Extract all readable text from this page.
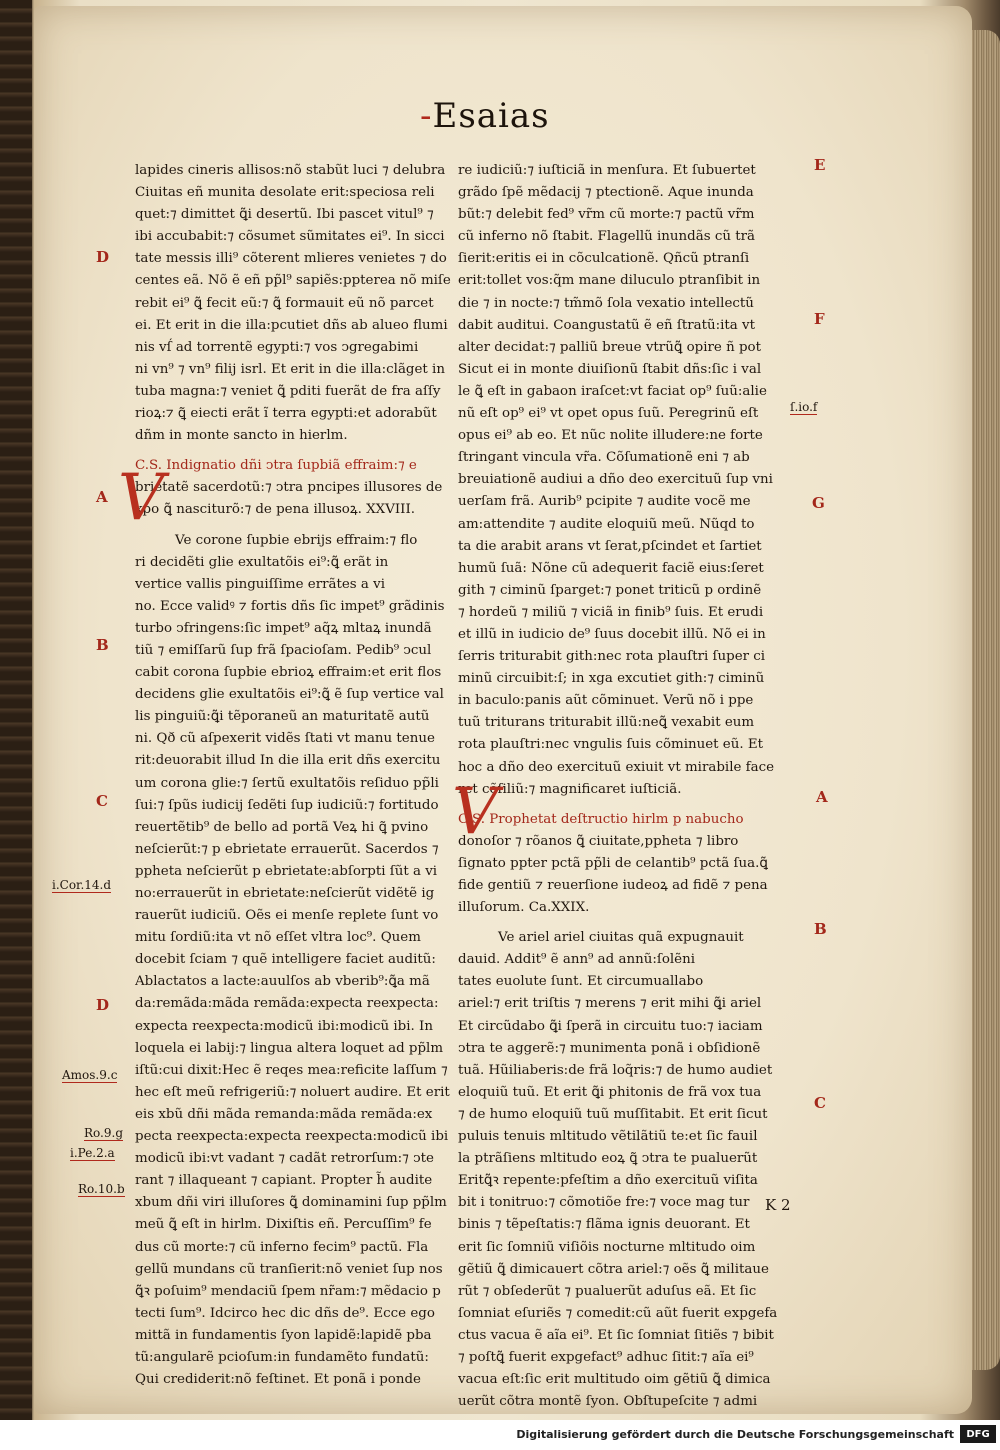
-Esaias

lapides cineris allisos:nõ stabũt luci ⁊ delubra

Ciuitas eñ munita desolate erit:speciosa reli

quet:⁊ dimittet ꝗ̃i desertũ. Ibi pascet vitul⁹ ⁊

ibi accubabit:⁊ cõsumet sũmitates ei⁹. In sicci

tate messis illi⁹ cõterent mlieres venietes ⁊ do

centes eã. Nõ ẽ eñ pp̃l⁹ sapiẽs:ppterea nõ miſe

rebit ei⁹ ꝗ̃ fecit eũ:⁊ ꝗ̃ formauit eũ nõ parcet

ei. Et erit in die illa:pcutiet dñs ab alueo flumi

nis vſ́ ad torrentẽ egypti:⁊ vos ↄgregabimi

ni vn⁹ ⁊ vn⁹ filij isrl. Et erit in die illa:clãget in

tuba magna:⁊ veniet ꝗ̃ pditi fuerãt de fra aſſy

rioꝝ:⁊ ꝗ̃ eiecti erãt ĩ terra egypti:et adorabũt

dñm in monte sancto in hierlm.

C.S. Indignatio dñi ↄtra ſupbiã effraim:⁊ e

brietatẽ sacerdotũ:⁊ ↄtra pncipes illusores de

xpo ꝗ̃ nasciturõ:⁊ de pena illusoꝝ. XXVIII.

Ve corone ſupbie ebrijs effraim:⁊ flo

ri decidẽti glie exultatõis ei⁹:ꝗ̃ erãt in

vertice vallis pinguiſſime errãtes a vi

no. Ecce validꝰ ⁊ fortis dñs ſic impet⁹ grãdinis

turbo ↄfringens:ſic impet⁹ aq̃ꝝ mltaꝝ inundã

tiũ ⁊ emiſſarũ ſup frã ſpacioſam. Pedib⁹ ↄcul

cabit corona ſupbie ebrioꝝ effraim:et erit flos

decidens glie exultatõis ei⁹:ꝗ̃ ẽ ſup vertice val

lis pinguiũ:ꝗ̃i tẽporaneũ an maturitatẽ autũ

ni. Qð cũ aſpexerit vidẽs ſtati vt manu tenue

rit:deuorabit illud In die illa erit dñs exercitu

um corona glie:⁊ ſertũ exultatõis reſiduo pp̃li

ſui:⁊ ſpũs iudicij ſedẽti ſup iudiciũ:⁊ fortitudo

reuertẽtib⁹ de bello ad portã Veꝝ hi ꝗ̃ pvino

neſcierũt:⁊ p ebrietate errauerũt. Sacerdos ⁊

ppheta neſcierũt p ebrietate:abſorpti ſũt a vi

no:errauerũt in ebrietate:neſcierũt vidẽtẽ ig

rauerũt iudiciũ. Oẽs ei menſe replete ſunt vo

mitu ſordiũ:ita vt nõ eſſet vltra loc⁹. Quem

docebit ſciam ⁊ quẽ intelligere faciet auditũ:

Ablactatos a lacte:auulſos ab vberib⁹:ꝗ̃a mã

da:remãda:mãda remãda:expecta reexpecta:

expecta reexpecta:modicũ ibi:modicũ ibi. In

loquela ei labij:⁊ lingua altera loquet ad pp̃lm

iſtũ:cui dixit:Hec ẽ reqes mea:reficite laſſum ⁊

hec eſt meũ refrigeriũ:⁊ noluert audire. Et erit

eis xbũ dñi mãda remanda:mãda remãda:ex

pecta reexpecta:expecta reexpecta:modicũ ibi

modicũ ibi:vt vadant ⁊ cadãt retrorſum:⁊ ↄte

rant ⁊ illaqueant ⁊ capiant. Propter h̃ audite

xbum dñi viri illuſores ꝗ̃ dominamini ſup pp̃lm

meũ ꝗ̃ eſt in hirlm. Dixiſtis eñ. Percuſſim⁹ fe

dus cũ morte:⁊ cũ inferno fecim⁹ pactũ. Fla

gellũ mundans cũ tranſierit:nõ veniet ſup nos

ꝗ̃ꝛ poſuim⁹ mendaciũ ſpem nr̃am:⁊ mẽdacio p

tecti ſum⁹. Idcirco hec dic dñs de⁹. Ecce ego

mittã in fundamentis ſyon lapidẽ:lapidẽ pba

tũ:angularẽ pcioſum:in fundamẽto fundatũ:

Qui crediderit:nõ feſtinet. Et ponã i ponde

re iudiciũ:⁊ iuſticiã in menſura. Et ſubuertet

grãdo ſpẽ mẽdacij ⁊ ptectionẽ. Aque inunda

bũt:⁊ delebit fed⁹ vr̃m cũ morte:⁊ pactũ vr̃m

cũ inferno nõ ſtabit. Flagellũ inundãs cũ trã

ſierit:eritis ei in cõculcationẽ. Qñcũ ptranſi

erit:tollet vos:q̃m mane diluculo ptranſibit in

die ⁊ in nocte:⁊ tm̃mõ ſola vexatio intellectũ

dabit auditui. Coangustatũ ẽ eñ ſtratũ:ita vt

alter decidat:⁊ palliũ breue vtrũꝗ̃ opire ñ pot

Sicut ei in monte diuiſionũ ſtabit dñs:ſic i val

le ꝗ̃ eſt in gabaon iraſcet:vt faciat op⁹ ſuũ:alie

nũ eſt op⁹ ei⁹ vt opet opus ſuũ. Peregrinũ eſt

opus ei⁹ ab eo. Et nũc nolite illudere:ne forte

ſtringant vincula vr̃a. Cõſumationẽ eni ⁊ ab

breuiationẽ audiui a dño deo exercituũ ſup vni

uerſam frã. Aurib⁹ pcipite ⁊ audite vocẽ me

am:attendite ⁊ audite eloquiũ meũ. Nũqd to

ta die arabit arans vt ſerat,pſcindet et ſartiet

humũ ſuã: Nõne cũ adequerit faciẽ eius:ſeret

gith ⁊ ciminũ ſparget:⁊ ponet triticũ p ordinẽ

⁊ hordeũ ⁊ miliũ ⁊ viciã in finib⁹ ſuis. Et erudi

et illũ in iudicio de⁹ ſuus docebit illũ. Nõ ei in

ſerris triturabit gith:nec rota plauſtri ſuper ci

minũ circuibit:ſ; in xga excutiet gith:⁊ ciminũ

in baculo:panis aũt cõminuet. Verũ nõ i ppe

tuũ triturans triturabit illũ:neꝗ̃ vexabit eum

rota plauſtri:nec vngulis ſuis cõminuet eũ. Et

hoc a dño deo exercituũ exiuit vt mirabile face

ret cõſiliũ:⁊ magnificaret iuſticiã.

C.S. Prophetat deſtructio hirlm p nabucho

donoſor ⁊ rõanos ꝗ̃ ciuitate,ppheta ⁊ libro

ſignato ppter pctã pp̃li de celantib⁹ pctã ſua.ꝗ̃

fide gentiũ ⁊ reuerſione iudeoꝝ ad fidẽ ⁊ pena

illuſorum. Ca.XXIX.

Ve ariel ariel ciuitas quã expugnauit

dauid. Addit⁹ ẽ ann⁹ ad annũ:ſolẽni

tates euolute ſunt. Et circumuallabo

ariel:⁊ erit triſtis ⁊ merens ⁊ erit mihi ꝗ̃i ariel

Et circũdabo ꝗ̃i ſperã in circuitu tuo:⁊ iaciam

ↄtra te aggerẽ:⁊ munimenta ponã i obſidionẽ

tuã. Hũiliaberis:de frã loq̃ris:⁊ de humo audiet

eloquiũ tuũ. Et erit ꝗ̃i phitonis de frã vox tua

⁊ de humo eloquiũ tuũ muſſitabit. Et erit ſicut

puluis tenuis mltitudo vẽtilãtiũ te:et ſic fauil

la ptrãſiens mltitudo eoꝝ ꝗ̃ ↄtra te pualuerũt

Eritꝗ̃ꝛ repente:pfeſtim a dño exercituũ viſita

bit i tonitruo:⁊ cõmotiõe fre:⁊ voce mag tur

binis ⁊ tẽpeſtatis:⁊ flãma ignis deuorant. Et

erit ſic ſomniũ viſiõis nocturne mltitudo oim

gẽtiũ ꝗ̃ dimicauert cõtra ariel:⁊ oẽs ꝗ̃ militaue

rũt ⁊ obſederũt ⁊ pualuerũt aduſus eã. Et ſic

ſomniat eſuriẽs ⁊ comedit:cũ aũt fuerit expgefa

ctus vacua ẽ aĩa ei⁹. Et ſic ſomniat ſitiẽs ⁊ bibit

⁊ poſtꝗ̃ fuerit expgefact⁹ adhuc ſitit:⁊ aĩa ei⁹

vacua eſt:ſic erit multitudo oim gẽtiũ ꝗ̃ dimica

uerũt cõtra montẽ ſyon. Obſtupeſcite ⁊ admi

V
V
D
A
B
C
D
E
F
G
A
B
C
i.Cor.14.d
Amos.9.c
Ro.9.g
i.Pe.2.a
Ro.10.b
ſ.io.f
K 2
Digitalisierung gefördert durch die Deutsche Forschungsgemeinschaft	DFG
